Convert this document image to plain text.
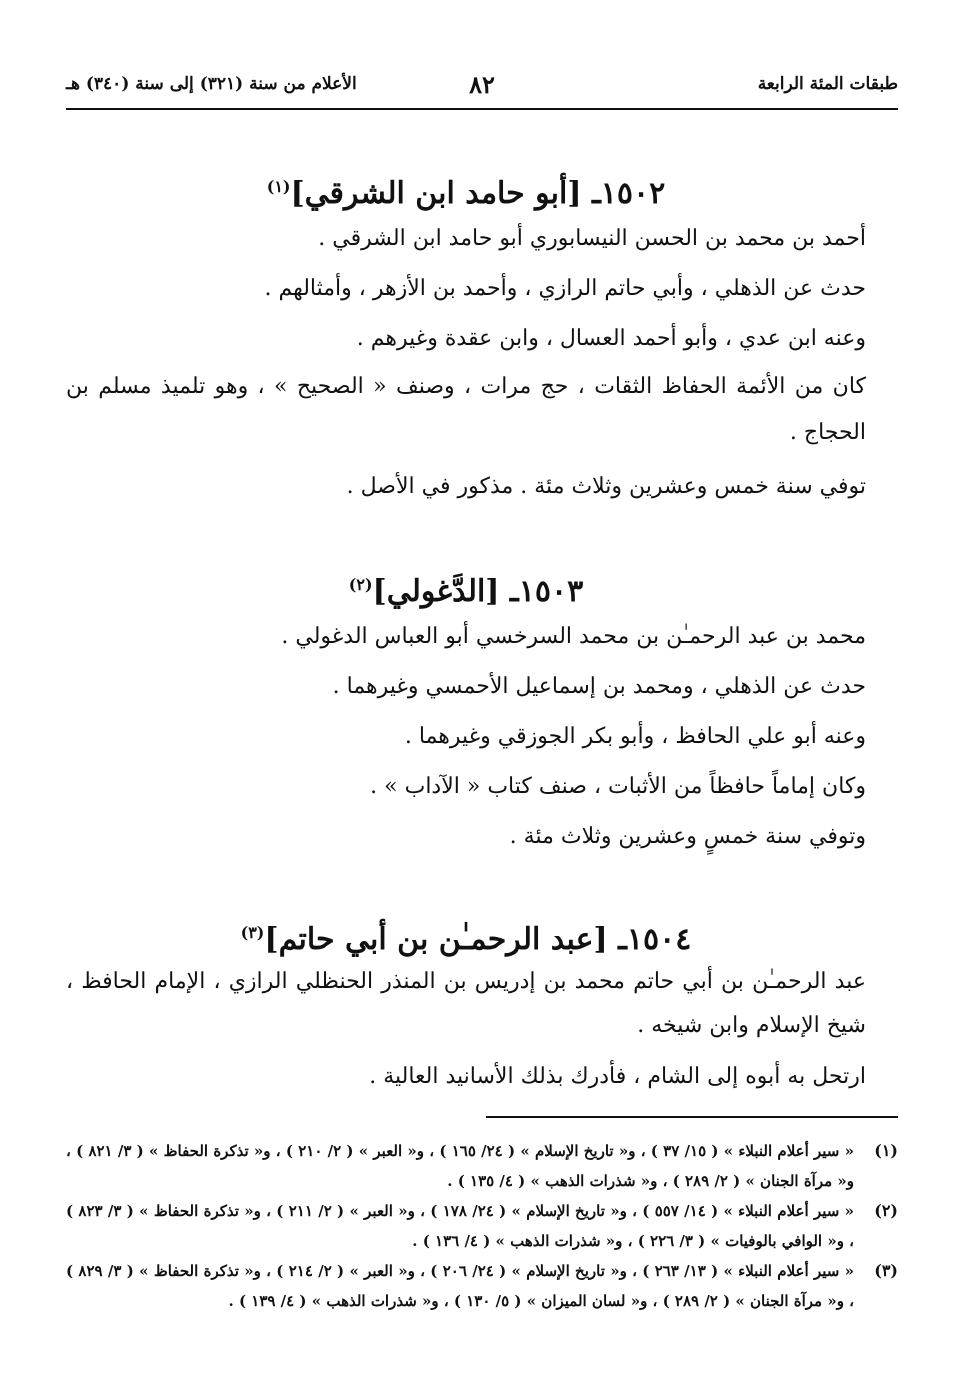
طبقات المئة الرابعة
٨٢
الأعلام من سنة (٣٢١) إلى سنة (٣٤٠) هـ
١٥٠٢ـ [أبو حامد ابن الشرقي]$^{(١)}$

أحمد بن محمد بن الحسن النيسابوري أبو حامد ابن الشرقي .

حدث عن الذهلي ، وأبي حاتم الرازي ، وأحمد بن الأزهر ، وأمثالهم .

وعنه ابن عدي ، وأبو أحمد العسال ، وابن عقدة وغيرهم .

كان من الأئمة الحفاظ الثقات ، حج مرات ، وصنف « الصحيح » ، وهو تلميذ مسلم بن الحجاج .

توفي سنة خمس وعشرين وثلاث مئة . مذكور في الأصل .

١٥٠٣ـ [الدَّغولي]$^{(٢)}$

محمد بن عبد الرحمـٰن بن محمد السرخسي أبو العباس الدغولي .

حدث عن الذهلي ، ومحمد بن إسماعيل الأحمسي وغيرهما .

وعنه أبو علي الحافظ ، وأبو بكر الجوزقي وغيرهما .

وكان إماماً حافظاً من الأثبات ، صنف كتاب « الآداب » .

وتوفي سنة خمسٍ وعشرين وثلاث مئة .

١٥٠٤ـ [عبد الرحمـٰن بن أبي حاتم]$^{(٣)}$

عبد الرحمـٰن بن أبي حاتم محمد بن إدريس بن المنذر الحنظلي الرازي ، الإمام الحافظ ، شيخ الإسلام وابن شيخه .

ارتحل به أبوه إلى الشام ، فأدرك بذلك الأسانيد العالية .

(١)
« سير أعلام النبلاء » ( ١٥/ ٣٧ ) ، و« تاريخ الإسلام » ( ٢٤/ ١٦٥ ) ، و« العبر » ( ٢/ ٢١٠ ) ، و« تذكرة الحفاظ » ( ٣/ ٨٢١ ) ، و« مرآة الجنان » ( ٢/ ٢٨٩ ) ، و« شذرات الذهب » ( ٤/ ١٣٥ ) .
(٢)
« سير أعلام النبلاء » ( ١٤/ ٥٥٧ ) ، و« تاريخ الإسلام » ( ٢٤/ ١٧٨ ) ، و« العبر » ( ٢/ ٢١١ ) ، و« تذكرة الحفاظ » ( ٣/ ٨٢٣ ) ، و« الوافي بالوفيات » ( ٣/ ٢٢٦ ) ، و« شذرات الذهب » ( ٤/ ١٣٦ ) .
(٣)
« سير أعلام النبلاء » ( ١٣/ ٢٦٣ ) ، و« تاريخ الإسلام » ( ٢٤/ ٢٠٦ ) ، و« العبر » ( ٢/ ٢١٤ ) ، و« تذكرة الحفاظ » ( ٣/ ٨٢٩ ) ، و« مرآة الجنان » ( ٢/ ٢٨٩ ) ، و« لسان الميزان » ( ٥/ ١٣٠ ) ، و« شذرات الذهب » ( ٤/ ١٣٩ ) .
